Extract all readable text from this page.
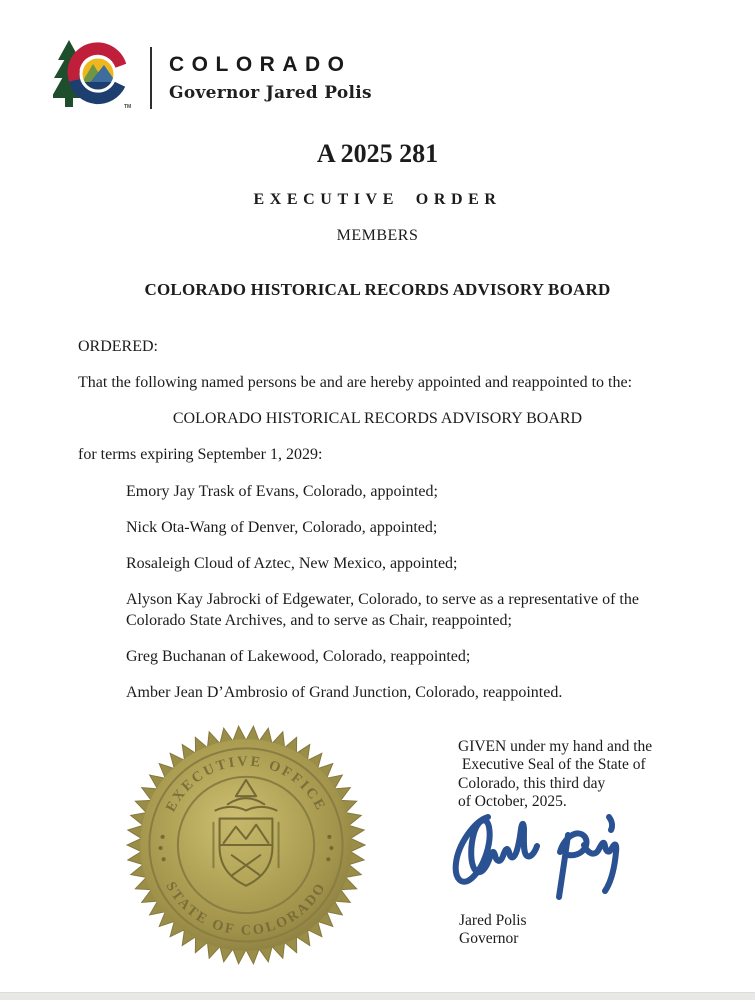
TM
COLORADO
Governor Jared Polis
A 2025 281
EXECUTIVE ORDER
MEMBERS
COLORADO HISTORICAL RECORDS ADVISORY BOARD
ORDERED:
That the following named persons be and are hereby appointed and reappointed to the:
COLORADO HISTORICAL RECORDS ADVISORY BOARD
for terms expiring September 1, 2029:
Emory Jay Trask of Evans, Colorado, appointed;
Nick Ota-Wang of Denver, Colorado, appointed;
Rosaleigh Cloud of Aztec, New Mexico, appointed;
Alyson Kay Jabrocki of Edgewater, Colorado, to serve as a representative of the Colorado State Archives, and to serve as Chair, reappointed;
Greg Buchanan of Lakewood, Colorado, reappointed;
Amber Jean D’Ambrosio of Grand Junction, Colorado, reappointed.
EXECUTIVE OFFICE
STATE OF COLORADO
GIVEN under my hand and the
Executive Seal of the State of
Colorado, this third day
of October, 2025.
Jared Polis
Governor
